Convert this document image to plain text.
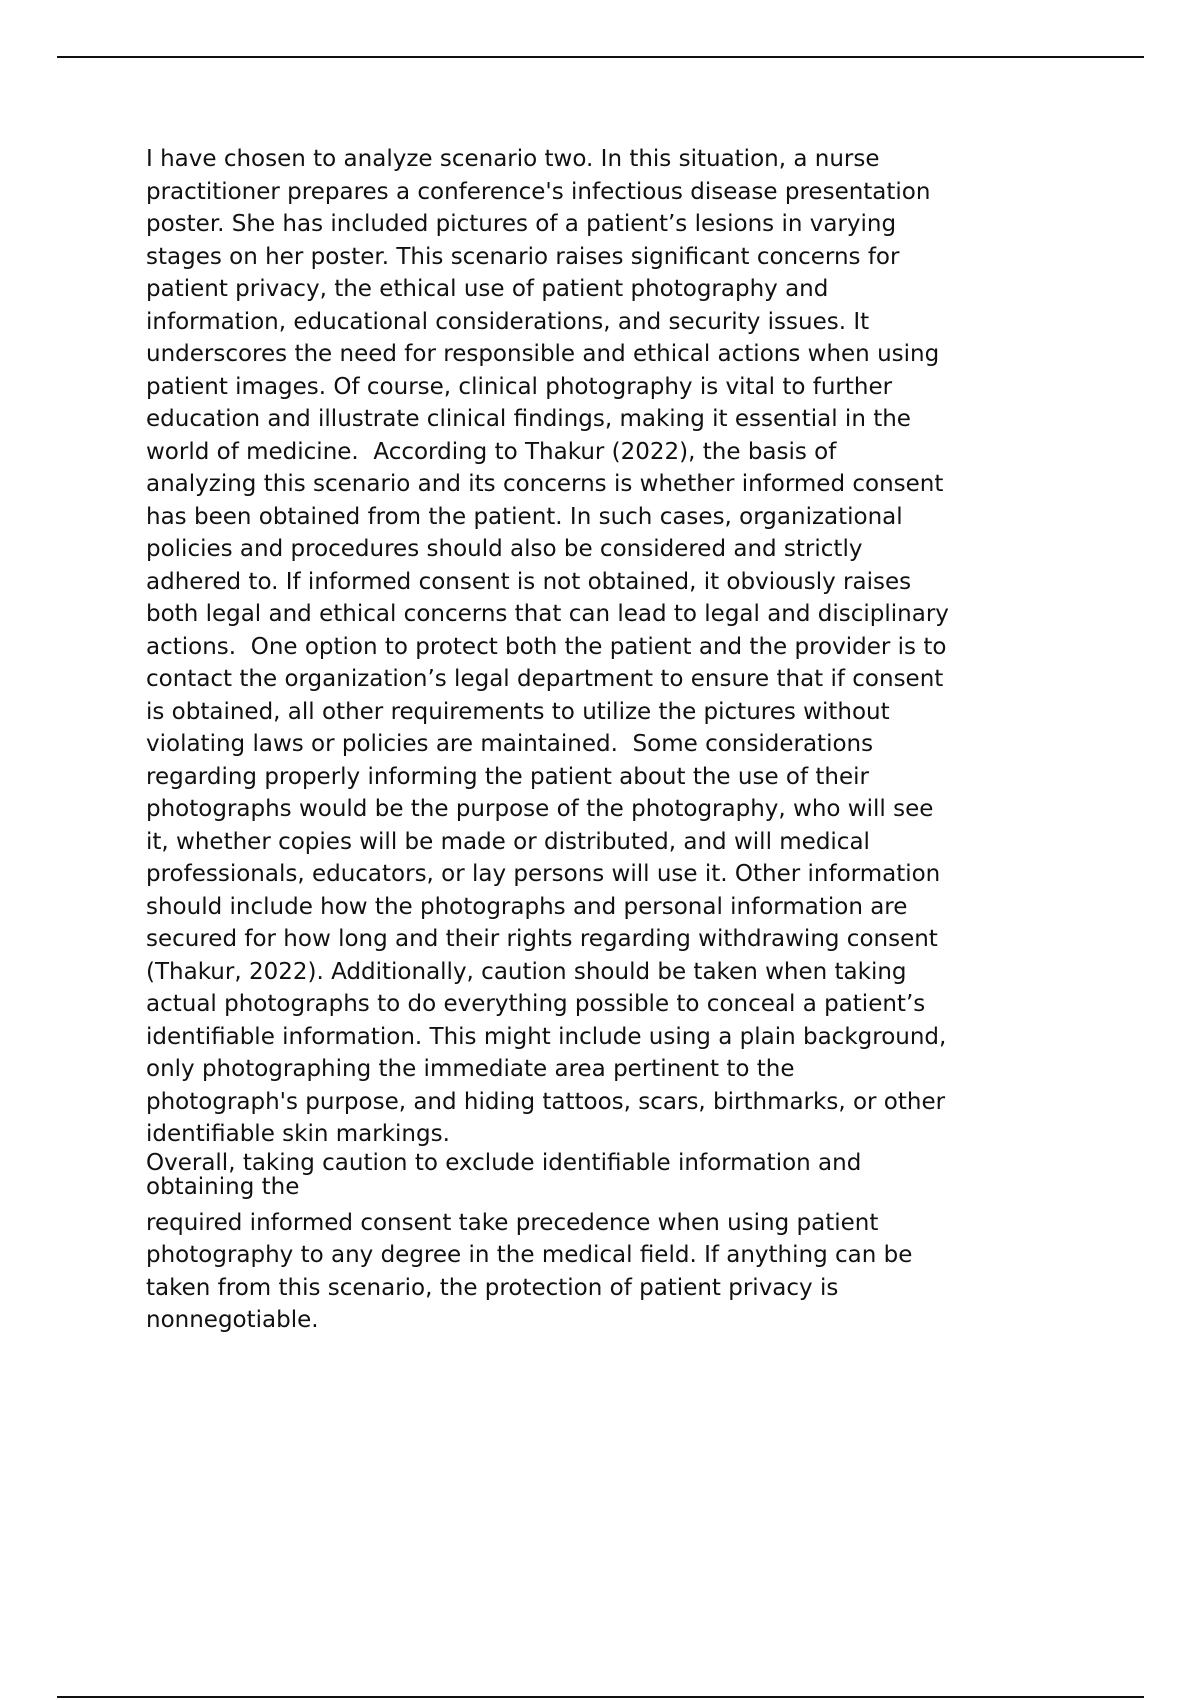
I have chosen to analyze scenario two. In this situation, a nurse
practitioner prepares a conference's infectious disease presentation
poster. She has included pictures of a patient’s lesions in varying
stages on her poster. This scenario raises significant concerns for
patient privacy, the ethical use of patient photography and
information, educational considerations, and security issues. It
underscores the need for responsible and ethical actions when using
patient images. Of course, clinical photography is vital to further
education and illustrate clinical findings, making it essential in the
world of medicine.  According to Thakur (2022), the basis of
analyzing this scenario and its concerns is whether informed consent
has been obtained from the patient. In such cases, organizational
policies and procedures should also be considered and strictly
adhered to. If informed consent is not obtained, it obviously raises
both legal and ethical concerns that can lead to legal and disciplinary
actions.  One option to protect both the patient and the provider is to
contact the organization’s legal department to ensure that if consent
is obtained, all other requirements to utilize the pictures without
violating laws or policies are maintained.  Some considerations
regarding properly informing the patient about the use of their
photographs would be the purpose of the photography, who will see
it, whether copies will be made or distributed, and will medical
professionals, educators, or lay persons will use it. Other information
should include how the photographs and personal information are
secured for how long and their rights regarding withdrawing consent
(Thakur, 2022). Additionally, caution should be taken when taking
actual photographs to do everything possible to conceal a patient’s
identifiable information. This might include using a plain background,
only photographing the immediate area pertinent to the
photograph's purpose, and hiding tattoos, scars, birthmarks, or other
identifiable skin markings.
Overall, taking caution to exclude identifiable information and
obtaining the
required informed consent take precedence when using patient
photography to any degree in the medical field. If anything can be
taken from this scenario, the protection of patient privacy is
nonnegotiable.
